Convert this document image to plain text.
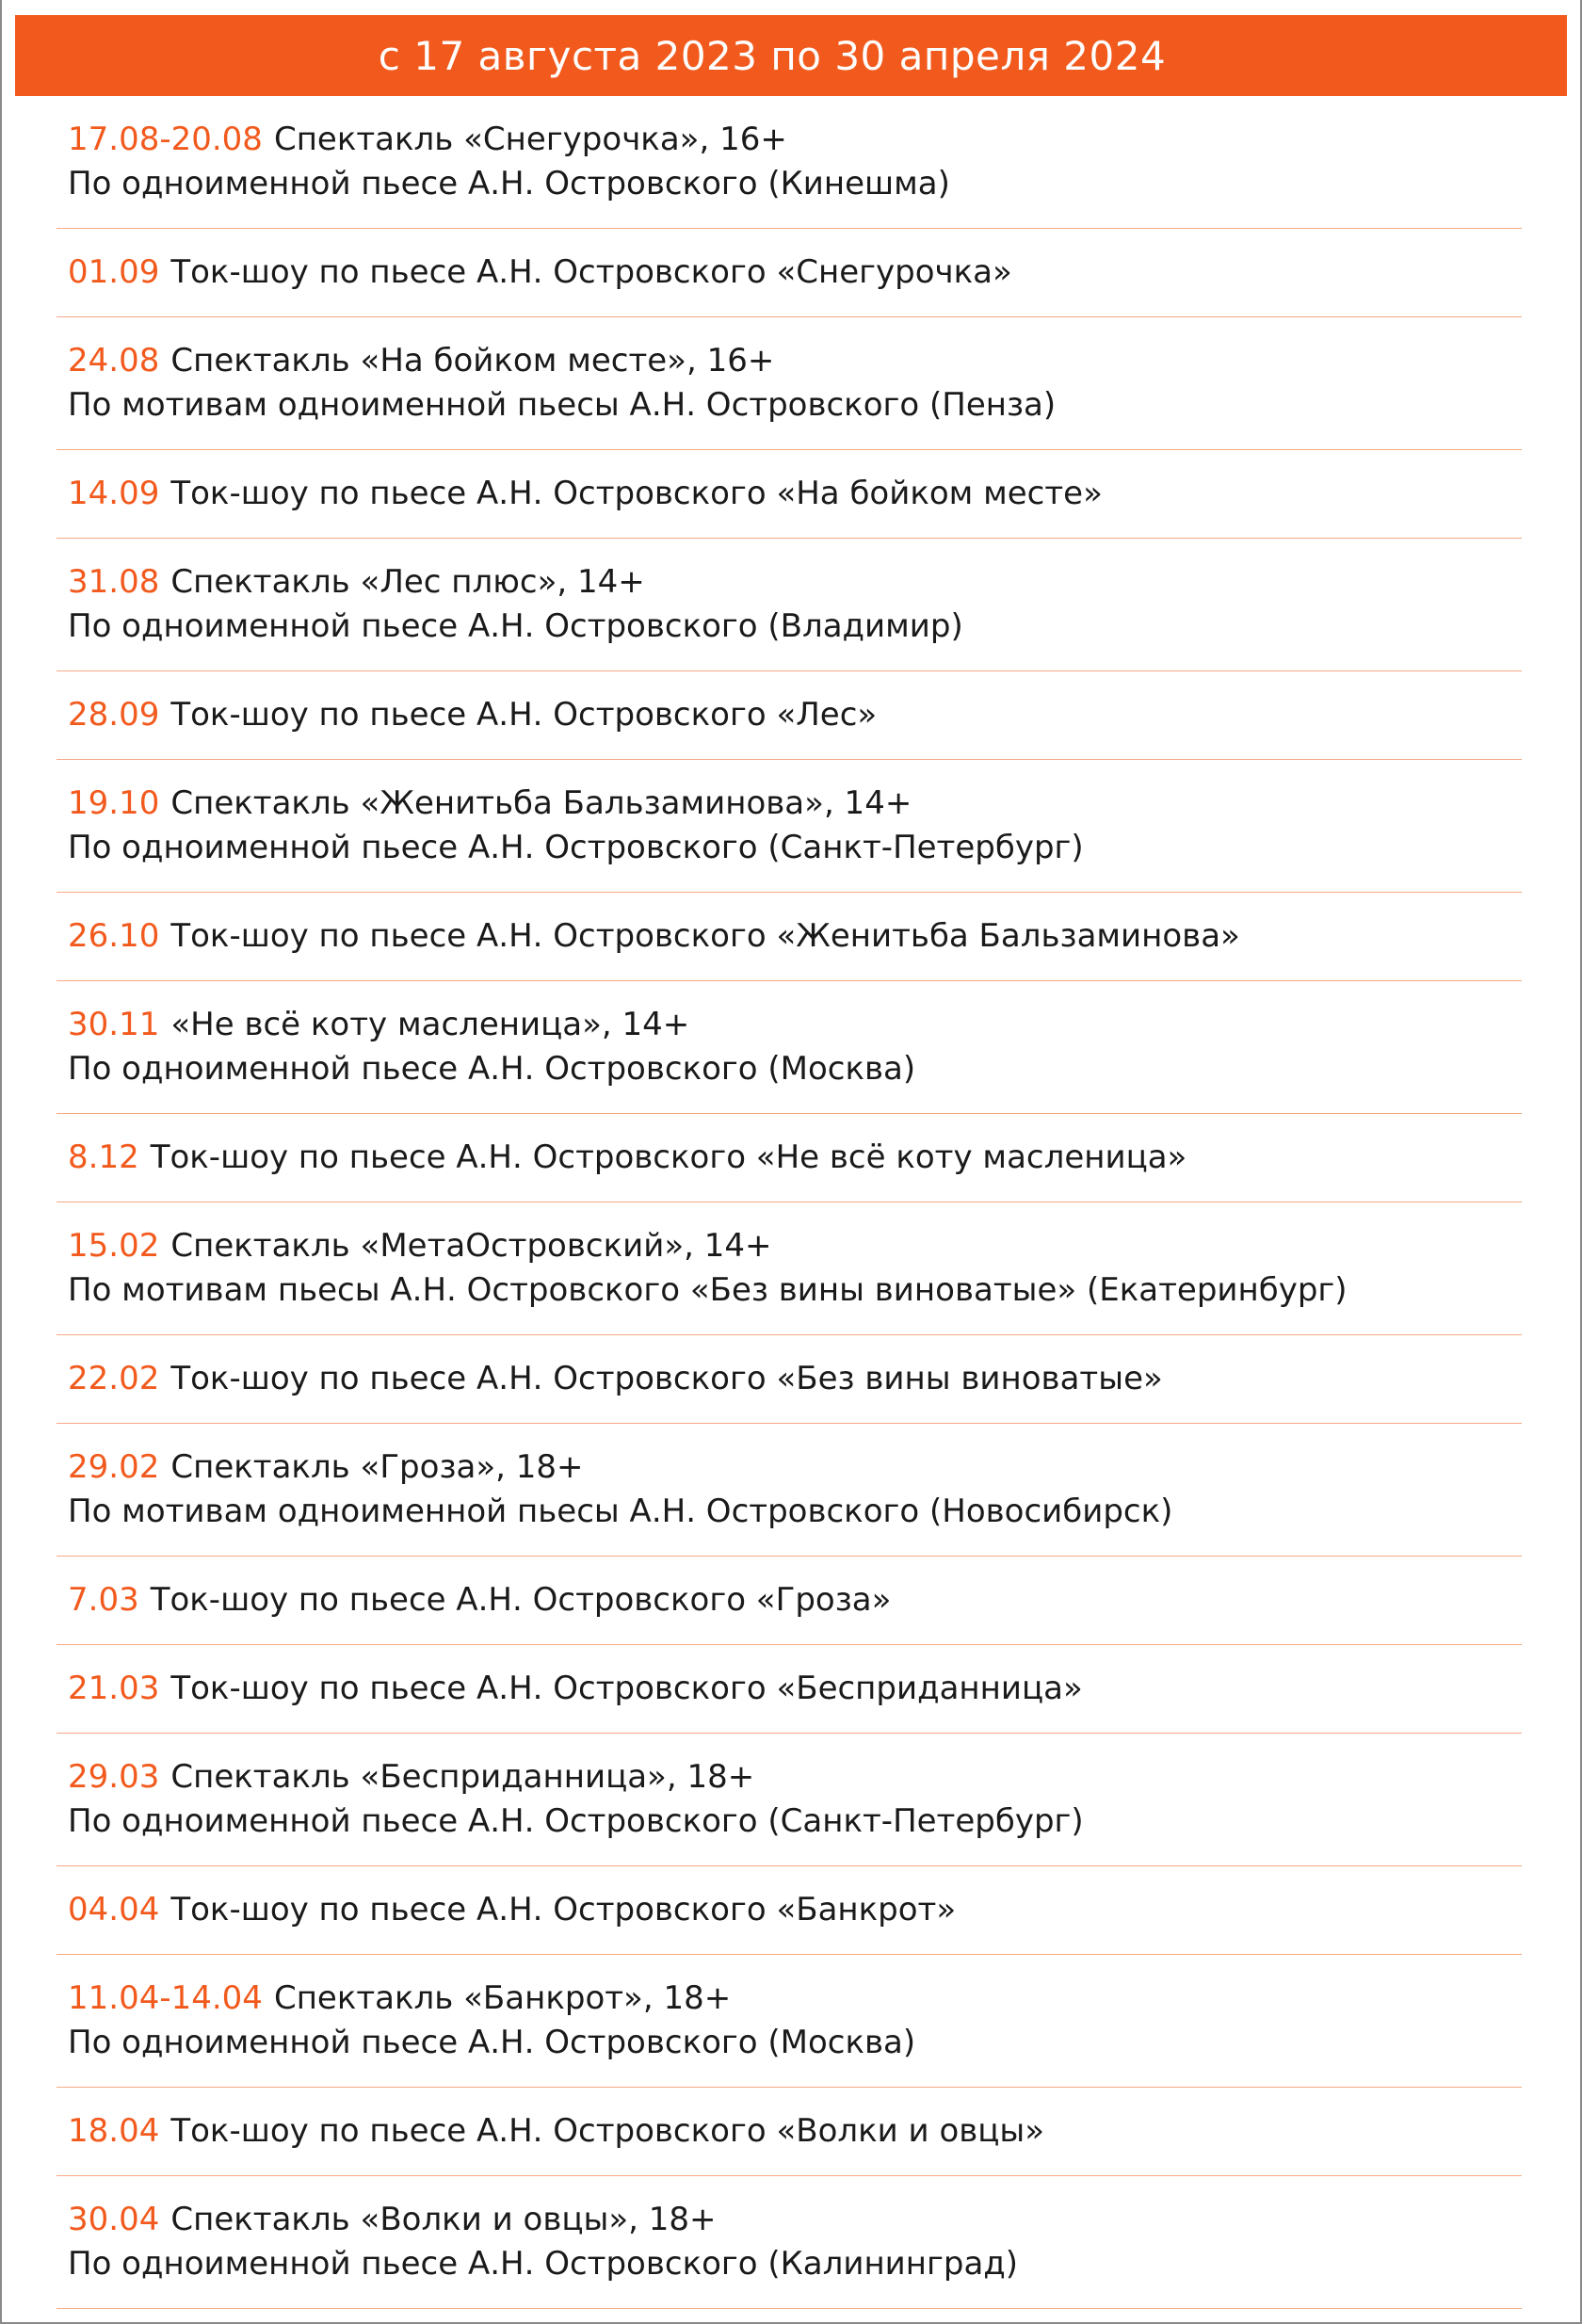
с 17 августа 2023 по 30 апреля 2024
17.08-20.08 Спектакль «Снегурочка», 16+
По одноименной пьесе А.Н. Островского (Кинешма)
01.09 Ток-шоу по пьесе А.Н. Островского «Снегурочка»
24.08 Спектакль «На бойком месте», 16+
По мотивам одноименной пьесы А.Н. Островского (Пенза)
14.09 Ток-шоу по пьесе А.Н. Островского «На бойком месте»
31.08 Спектакль «Лес плюс», 14+
По одноименной пьесе А.Н. Островского (Владимир)
28.09 Ток-шоу по пьесе А.Н. Островского «Лес»
19.10 Спектакль «Женитьба Бальзаминова», 14+
По одноименной пьесе А.Н. Островского (Санкт-Петербург)
26.10 Ток-шоу по пьесе А.Н. Островского «Женитьба Бальзаминова»
30.11 «Не всё коту масленица», 14+
По одноименной пьесе А.Н. Островского (Москва)
8.12 Ток-шоу по пьесе А.Н. Островского «Не всё коту масленица»
15.02 Спектакль «МетаОстровский», 14+
По мотивам пьесы А.Н. Островского «Без вины виноватые» (Екатеринбург)
22.02 Ток-шоу по пьесе А.Н. Островского «Без вины виноватые»
29.02 Спектакль «Гроза», 18+
По мотивам одноименной пьесы А.Н. Островского (Новосибирск)
7.03 Ток-шоу по пьесе А.Н. Островского «Гроза»
21.03 Ток-шоу по пьесе А.Н. Островского «Бесприданница»
29.03 Спектакль «Бесприданница», 18+
По одноименной пьесе А.Н. Островского (Санкт-Петербург)
04.04 Ток-шоу по пьесе А.Н. Островского «Банкрот»
11.04-14.04 Спектакль «Банкрот», 18+
По одноименной пьесе А.Н. Островского (Москва)
18.04 Ток-шоу по пьесе А.Н. Островского «Волки и овцы»
30.04 Спектакль «Волки и овцы», 18+
По одноименной пьесе А.Н. Островского (Калининград)
